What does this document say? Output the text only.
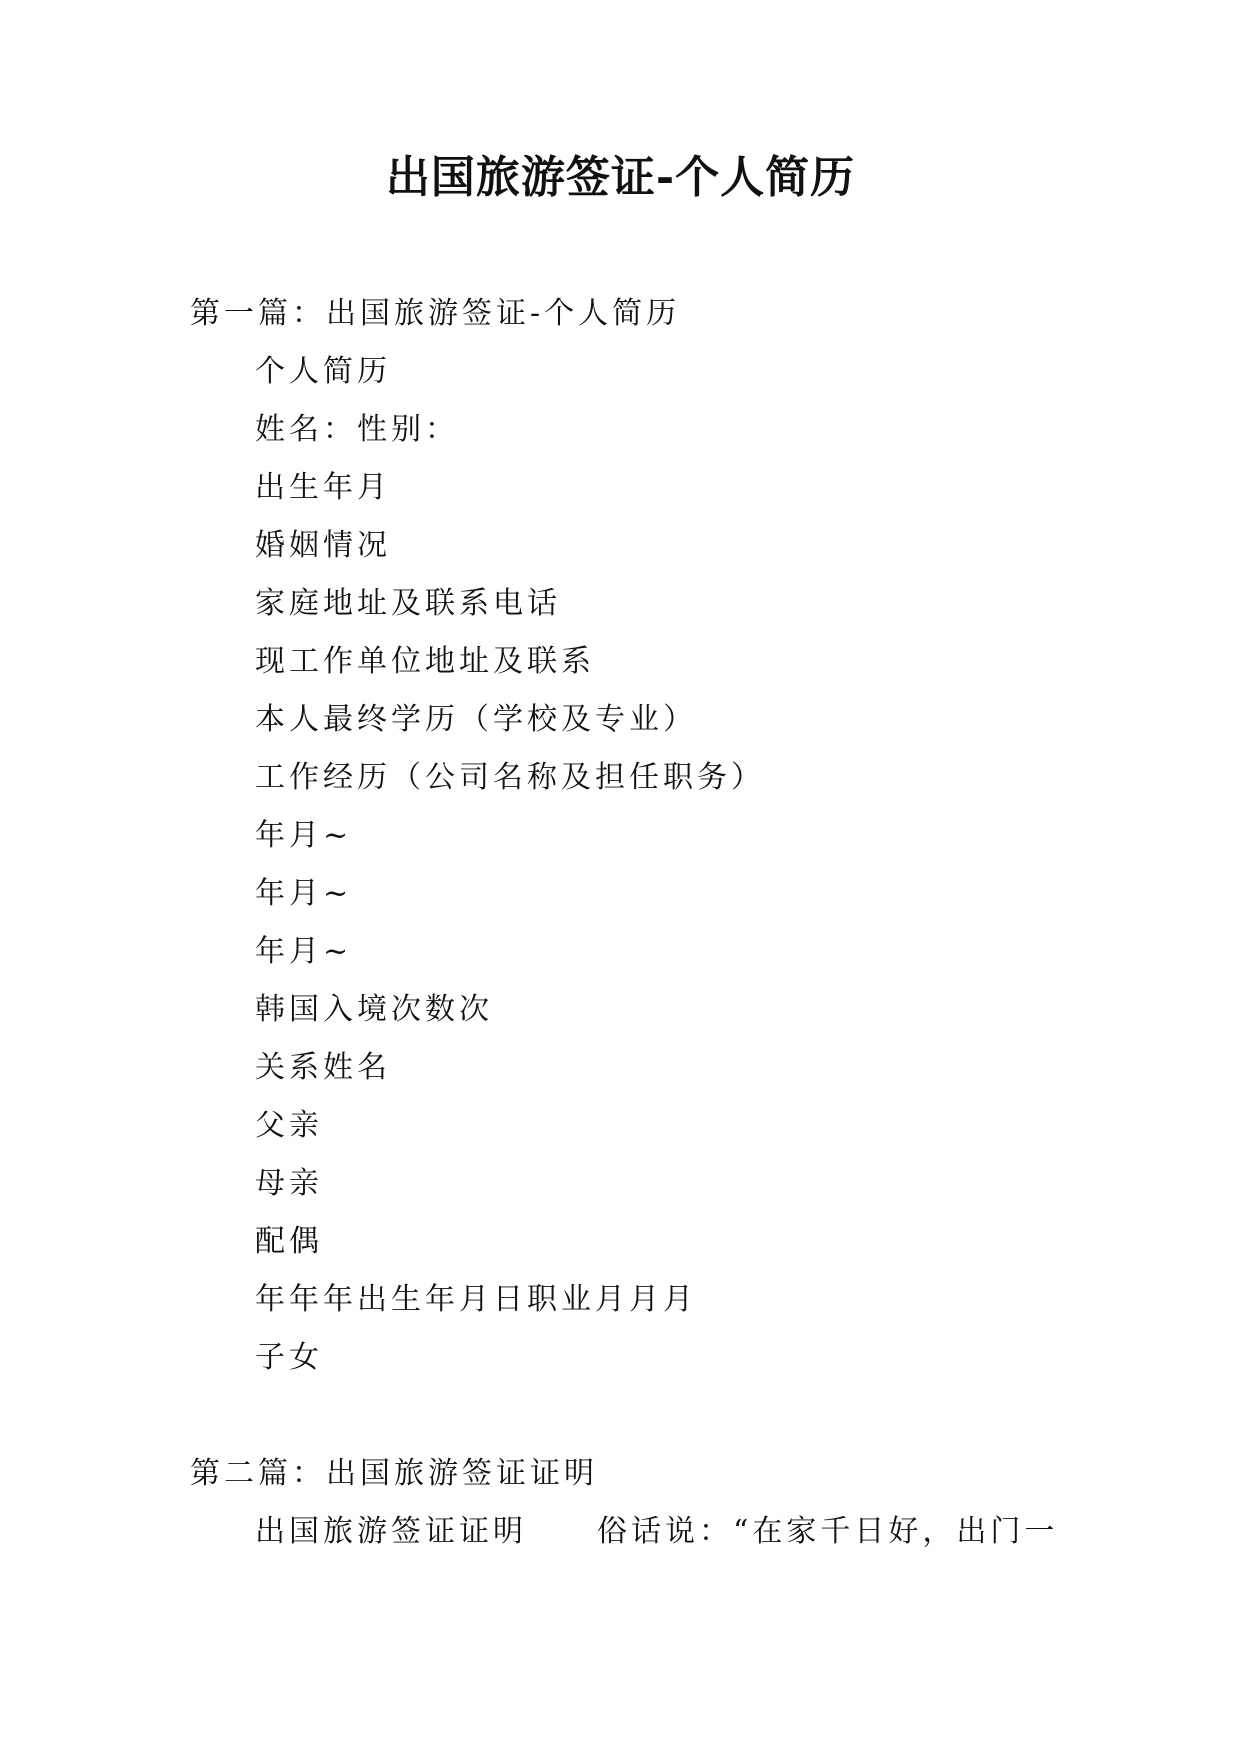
出国旅游签证-个人简历

第一篇：出国旅游签证-个人简历

个人简历

姓名：性别：

出生年月

婚姻情况

家庭地址及联系电话

现工作单位地址及联系

本人最终学历（学校及专业）

工作经历（公司名称及担任职务）

年月~

年月~

年月~

韩国入境次数次

关系姓名

父亲

母亲

配偶

年年年出生年月日职业月月月

子女

第二篇：出国旅游签证证明

出国旅游签证证明 俗话说：“在家千日好，出门一
